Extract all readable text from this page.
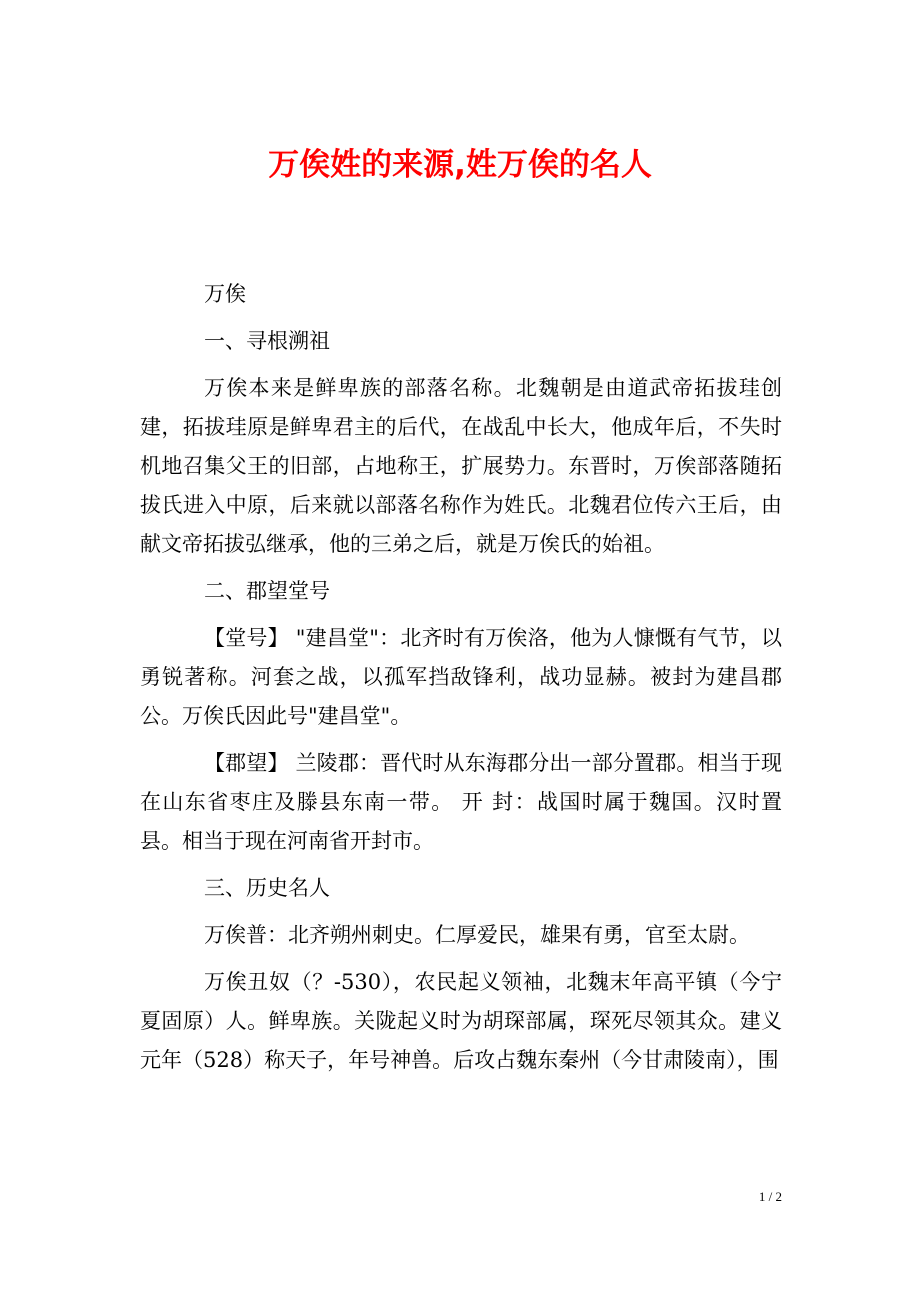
万俟姓的来源,姓万俟的名人

万俟

一、寻根溯祖

万俟本来是鲜卑族的部落名称。北魏朝是由道武帝拓拔珪创建，拓拔珪原是鲜卑君主的后代，在战乱中长大，他成年后，不失时机地召集父王的旧部，占地称王，扩展势力。东晋时，万俟部落随拓拔氏进入中原，后来就以部落名称作为姓氏。北魏君位传六王后，由献文帝拓拔弘继承，他的三弟之后，就是万俟氏的始祖。

二、郡望堂号

【堂号】 "建昌堂"：北齐时有万俟洛，他为人慷慨有气节，以勇锐著称。河套之战，以孤军挡敌锋利，战功显赫。被封为建昌郡公。万俟氏因此号"建昌堂"。

【郡望】 兰陵郡：晋代时从东海郡分出一部分置郡。相当于现在山东省枣庄及滕县东南一带。 开 封：战国时属于魏国。汉时置县。相当于现在河南省开封市。

三、历史名人

万俟普：北齐朔州刺史。仁厚爱民，雄果有勇，官至太尉。

万俟丑奴（？-530），农民起义领袖，北魏末年高平镇（今宁夏固原）人。鲜卑族。关陇起义时为胡琛部属，琛死尽领其众。建义元年（528）称天子，年号神兽。后攻占魏东秦州（今甘肃陵南），围

1 / 2
